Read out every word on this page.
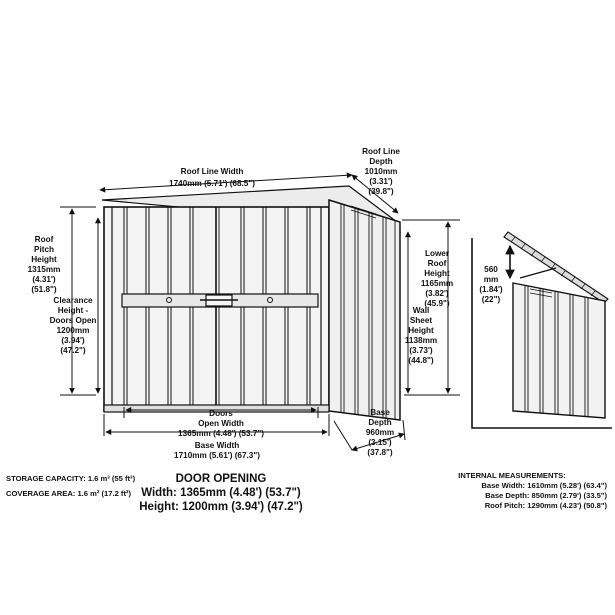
Roof Line Width
1740mm (5.71') (68.5")
Roof Line
Depth
1010mm
(3.31')
(39.8")
Roof
Pitch
Height
1315mm
(4.31')
(51.8")
Clearance
Height -
Doors Open
1200mm
(3.94')
(47.2")
Lower
Roof
Height
1165mm
(3.82')
(45.9")
Wall
Sheet
Height
1138mm
(3.73')
(44.8")
Doors
Open Width
1365mm (4.48') (53.7")
Base Width
1710mm (5.61') (67.3")
Base
Depth
960mm
(3.15')
(37.8")
560
mm
(1.84')
(22")
STORAGE CAPACITY: 1.6 m³ (55 ft³)
COVERAGE AREA: 1.6 m² (17.2 ft²)
DOOR OPENING
Width: 1365mm (4.48') (53.7")
Height: 1200mm (3.94') (47.2")
INTERNAL MEASUREMENTS:
Base Width: 1610mm (5.28') (63.4")
Base Depth: 850mm (2.79') (33.5")
Roof Pitch: 1290mm (4.23') (50.8")
